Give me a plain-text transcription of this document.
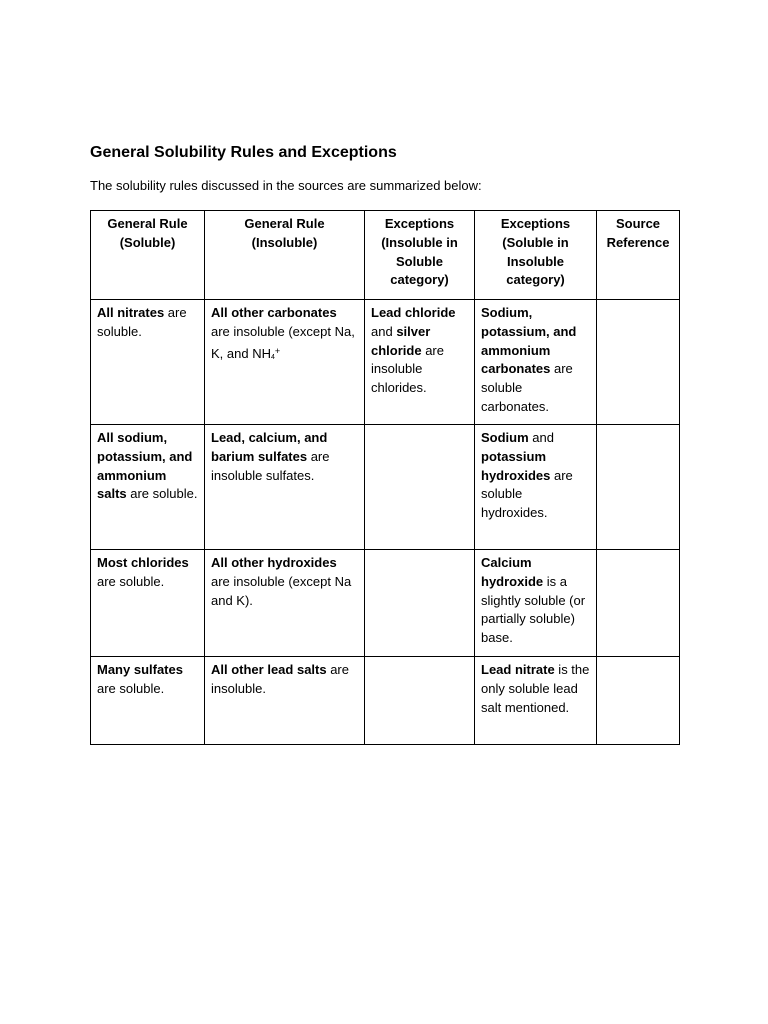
General Solubility Rules and Exceptions

The solubility rules discussed in the sources are summarized below:

General Rule (Soluble)	General Rule (Insoluble)	Exceptions (Insoluble in Soluble category)	Exceptions (Soluble in Insoluble category)	Source Reference
All nitrates are soluble.	All other carbonates are insoluble (except Na, K, and NH4+	Lead chloride and silver chloride are insoluble chlorides.	Sodium, potassium, and ammonium carbonates are soluble carbonates.	
All sodium, potassium, and ammonium salts are soluble.	Lead, calcium, and barium sulfates are insoluble sulfates.		Sodium and potassium hydroxides are soluble hydroxides.	
Most chlorides are soluble.	All other hydroxides are insoluble (except Na and K).		Calcium hydroxide is a slightly soluble (or partially soluble) base.	
Many sulfates are soluble.	All other lead salts are insoluble.		Lead nitrate is the only soluble lead salt mentioned.	
